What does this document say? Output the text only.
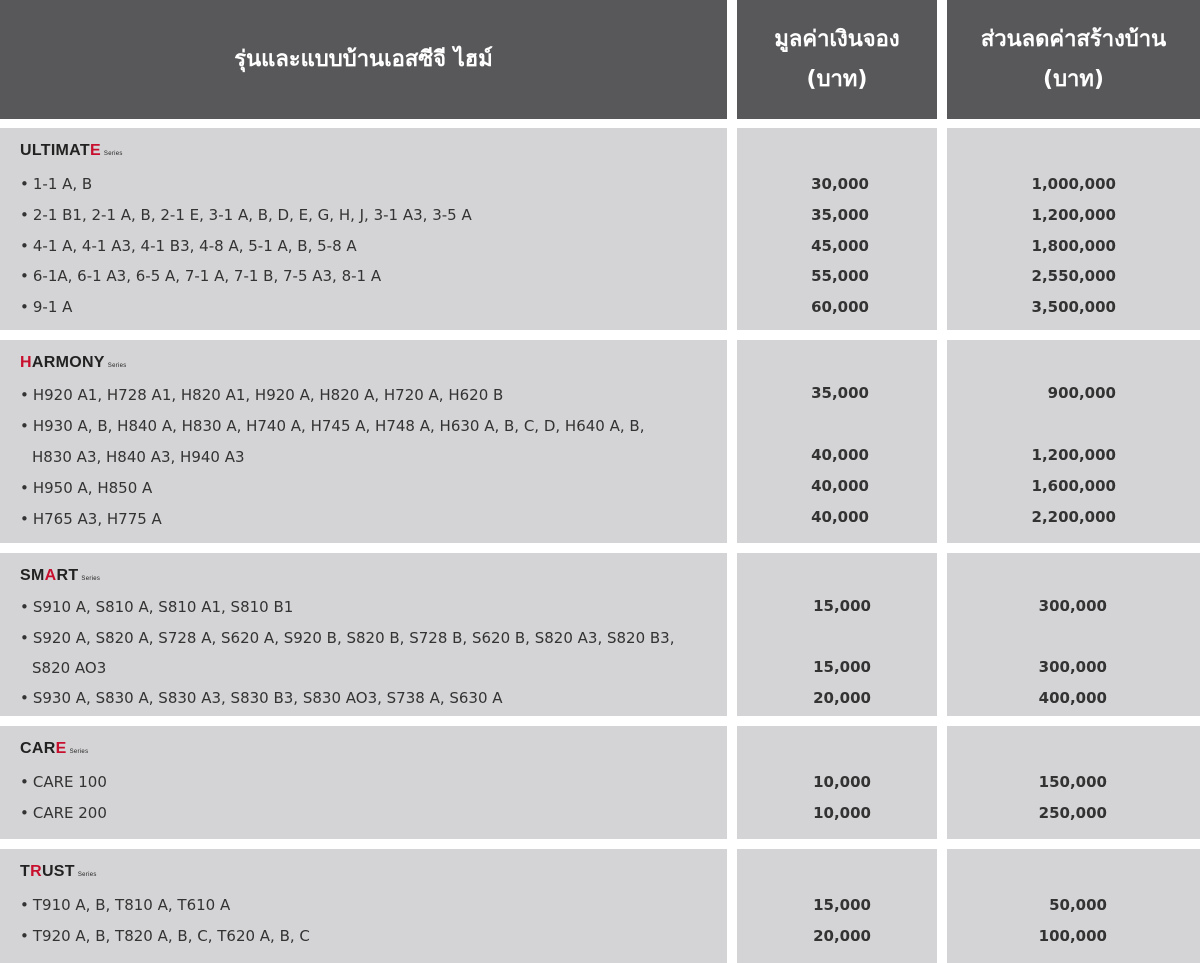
รุ่นและแบบบ้านเอสซีจี ไฮม์
มูลค่าเงินจอง
(บาท)
ส่วนลดค่าสร้างบ้าน
(บาท)
ULTIMATE Series
• 1-1 A, B
• 2-1 B1, 2-1 A, B, 2-1 E, 3-1 A, B, D, E, G, H, J, 3-1 A3, 3-5 A
• 4-1 A, 4-1 A3, 4-1 B3, 4-8 A, 5-1 A, B, 5-8 A
• 6-1A, 6-1 A3, 6-5 A, 7-1 A, 7-1 B, 7-5 A3, 8-1 A
• 9-1 A
30,000
35,000
45,000
55,000
60,000
1,000,000
1,200,000
1,800,000
2,550,000
3,500,000
HARMONY Series
• H920 A1, H728 A1, H820 A1, H920 A, H820 A, H720 A, H620 B
• H930 A, B, H840 A, H830 A, H740 A, H745 A, H748 A, H630 A, B, C, D, H640 A, B,
H830 A3, H840 A3, H940 A3
• H950 A, H850 A
• H765 A3, H775 A
35,000
40,000
40,000
40,000
900,000
1,200,000
1,600,000
2,200,000
SMART Series
• S910 A, S810 A, S810 A1, S810 B1
• S920 A, S820 A, S728 A, S620 A, S920 B, S820 B, S728 B, S620 B, S820 A3, S820 B3,
S820 AO3
• S930 A, S830 A, S830 A3, S830 B3, S830 AO3, S738 A, S630 A
15,000
15,000
20,000
300,000
300,000
400,000
CARE Series
• CARE 100
• CARE 200
10,000
10,000
150,000
250,000
TRUST Series
• T910 A, B, T810 A, T610 A
• T920 A, B, T820 A, B, C, T620 A, B, C
15,000
20,000
50,000
100,000
